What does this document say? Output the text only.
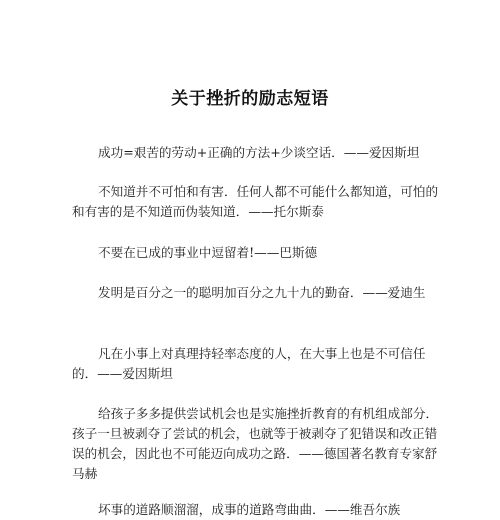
关于挫折的励志短语

成功=艰苦的劳动+正确的方法+少谈空话．——爱因斯坦

不知道并不可怕和有害．任何人都不可能什么都知道，可怕的和有害的是不知道而伪装知道．——托尔斯泰

不要在已成的事业中逗留着!——巴斯德

发明是百分之一的聪明加百分之九十九的勤奋．——爱迪生

凡在小事上对真理持轻率态度的人，在大事上也是不可信任的．——爱因斯坦

给孩子多多提供尝试机会也是实施挫折教育的有机组成部分．孩子一旦被剥夺了尝试的机会，也就等于被剥夺了犯错误和改正错误的机会，因此也不可能迈向成功之路．——德国著名教育专家舒马赫

坏事的道路顺溜溜，成事的道路弯曲曲．——维吾尔族
